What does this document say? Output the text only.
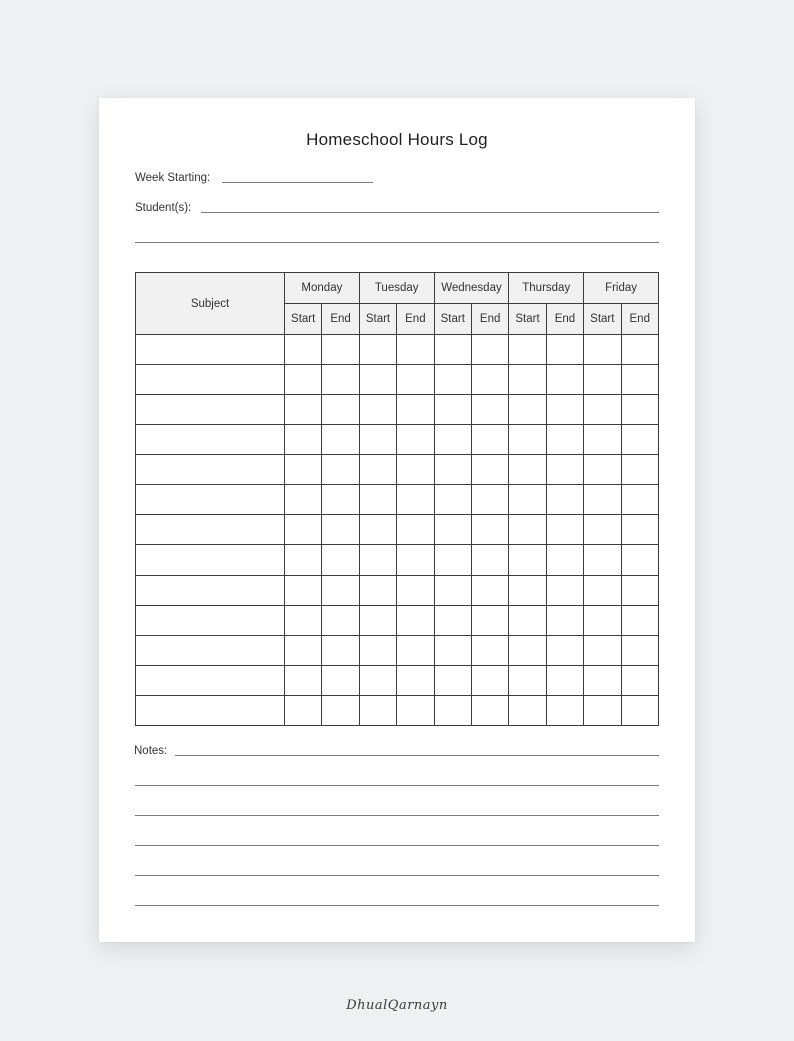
Homeschool Hours Log
Week Starting:
Student(s):
Subject	Monday		Tuesday		Wednesday		Thursday		Friday	
	Start	End	Start	End	Start	End	Start	End	Start	End

Notes:
DhualQarnayn
